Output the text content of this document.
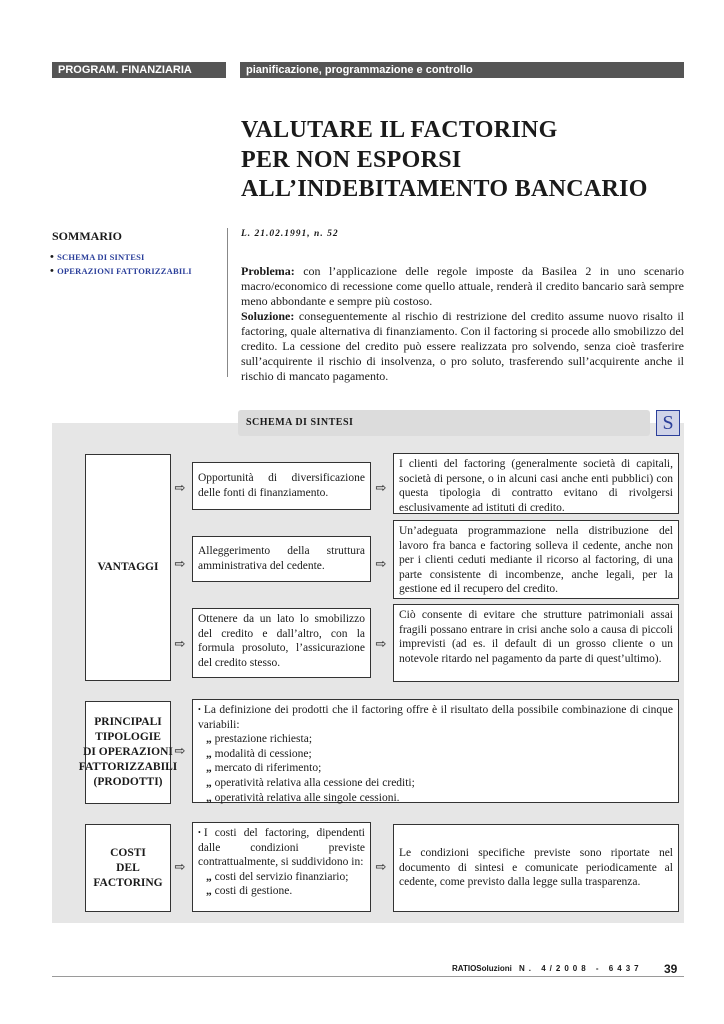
PROGRAM. FINANZIARIA	pianificazione, programmazione e controllo
VALUTARE IL FACTORING
PER NON ESPORSI
ALL’INDEBITAMENTO BANCARIO
SOMMARIO
• SCHEMA DI SINTESI
• OPERAZIONI FATTORIZZABILI
L. 21.02.1991, n. 52
Problema: con l’applicazione delle regole imposte da Basilea 2 in uno scenario macro/economico di recessione come quello attuale, renderà il credito bancario sarà sempre meno abbondante e sempre più costoso.
Soluzione: conseguentemente al rischio di restrizione del credito assume nuovo risalto il factoring, quale alternativa di finanziamento. Con il factoring si procede allo smobilizzo del credito. La cessione del credito può essere realizzata pro solvendo, senza cioè trasferire sull’acquirente il rischio di insolvenza, o pro soluto, trasferendo sull’acquirente anche il rischio di mancato pagamento.
SCHEMA DI SINTESI	S
VANTAGGI
⇨
Opportunità di diversificazione delle fonti di finanziamento.	⇨
I clienti del factoring (generalmente società di capitali, società di persone, o in alcuni casi anche enti pubblici) con questa tipologia di contratto evitano di rivolgersi esclusivamente ad istituti di credito.
⇨
Alleggerimento della struttura amministrativa del cedente.	⇨
Un’adeguata programmazione nella distribuzione del lavoro fra banca e factoring solleva il cedente, anche non per i clienti ceduti mediante il ricorso al factoring, di una parte consistente di incombenze, anche legali, per la gestione ed il recupero del credito.
⇨
Ottenere da un lato lo smobilizzo del credito e dall’altro, con la formula prosoluto, l’assicurazione del credito stesso.
⇨
Ciò consente di evitare che strutture patrimoniali assai fragili possano entrare in crisi anche solo a causa di piccoli imprevisti (ad es. il default di un grosso cliente o un notevole ritardo nel pagamento da parte di quest’ultimo).
PRINCIPALI
TIPOLOGIE
DI OPERAZIONI
FATTORIZZABILI
(PRODOTTI)
⇨
• La definizione dei prodotti che il factoring offre è il risultato della possibile combinazione di cinque variabili:
„ prestazione richiesta;
„ modalità di cessione;
„ mercato di riferimento;
„ operatività relativa alla cessione dei crediti;
„ operatività relativa alle singole cessioni.
COSTI
DEL FACTORING
⇨
• I costi del factoring, dipendenti dalle condizioni previste contrattualmente, si suddividono in:
„ costi del servizio finanziario;
„ costi di gestione.
⇨
Le condizioni specifiche previste sono riportate nel documento di sintesi e comunicate periodicamente al cedente, come previsto dalla legge sulla trasparenza.
RATIOSoluzioni N. 4/2008 - 6437 39
